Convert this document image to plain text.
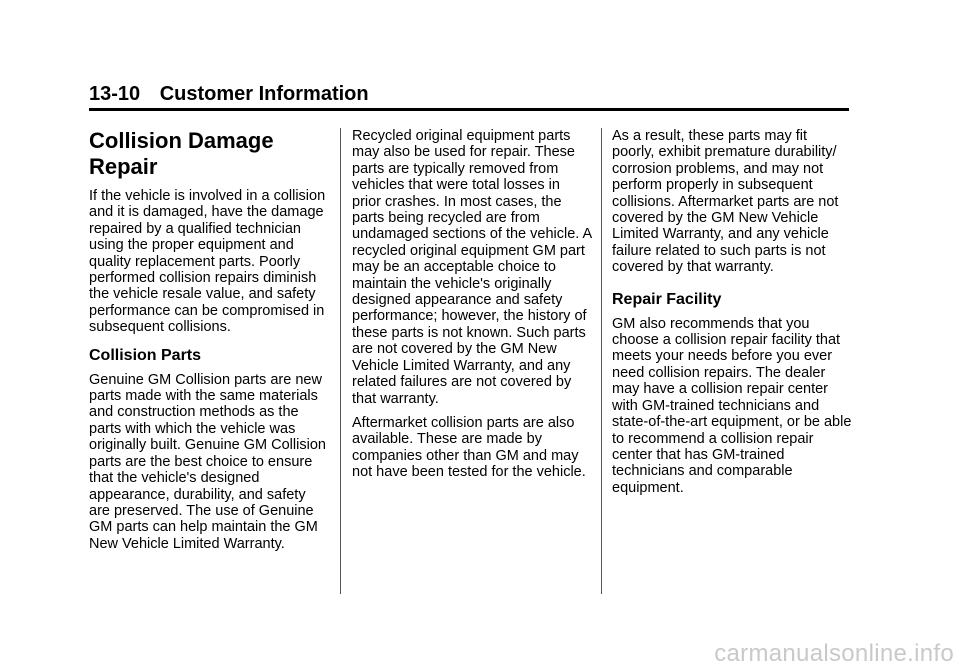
13-10 Customer Information
Collision Damage Repair

If the vehicle is involved in a collision and it is damaged, have the damage repaired by a qualified technician using the proper equipment and quality replacement parts. Poorly performed collision repairs diminish the vehicle resale value, and safety performance can be compromised in subsequent collisions.

Collision Parts

Genuine GM Collision parts are new parts made with the same materials and construction methods as the parts with which the vehicle was originally built. Genuine GM Collision parts are the best choice to ensure that the vehicle's designed appearance, durability, and safety are preserved. The use of Genuine GM parts can help maintain the GM New Vehicle Limited Warranty.

Recycled original equipment parts may also be used for repair. These parts are typically removed from vehicles that were total losses in prior crashes. In most cases, the parts being recycled are from undamaged sections of the vehicle. A recycled original equipment GM part may be an acceptable choice to maintain the vehicle's originally designed appearance and safety performance; however, the history of these parts is not known. Such parts are not covered by the GM New Vehicle Limited Warranty, and any related failures are not covered by that warranty.

Aftermarket collision parts are also available. These are made by companies other than GM and may not have been tested for the vehicle.

As a result, these parts may fit poorly, exhibit premature durability/ corrosion problems, and may not perform properly in subsequent collisions. Aftermarket parts are not covered by the GM New Vehicle Limited Warranty, and any vehicle failure related to such parts is not covered by that warranty.

Repair Facility

GM also recommends that you choose a collision repair facility that meets your needs before you ever need collision repairs. The dealer may have a collision repair center with GM-trained technicians and state-of-the-art equipment, or be able to recommend a collision repair center that has GM-trained technicians and comparable equipment.

carmanualsonline.info
